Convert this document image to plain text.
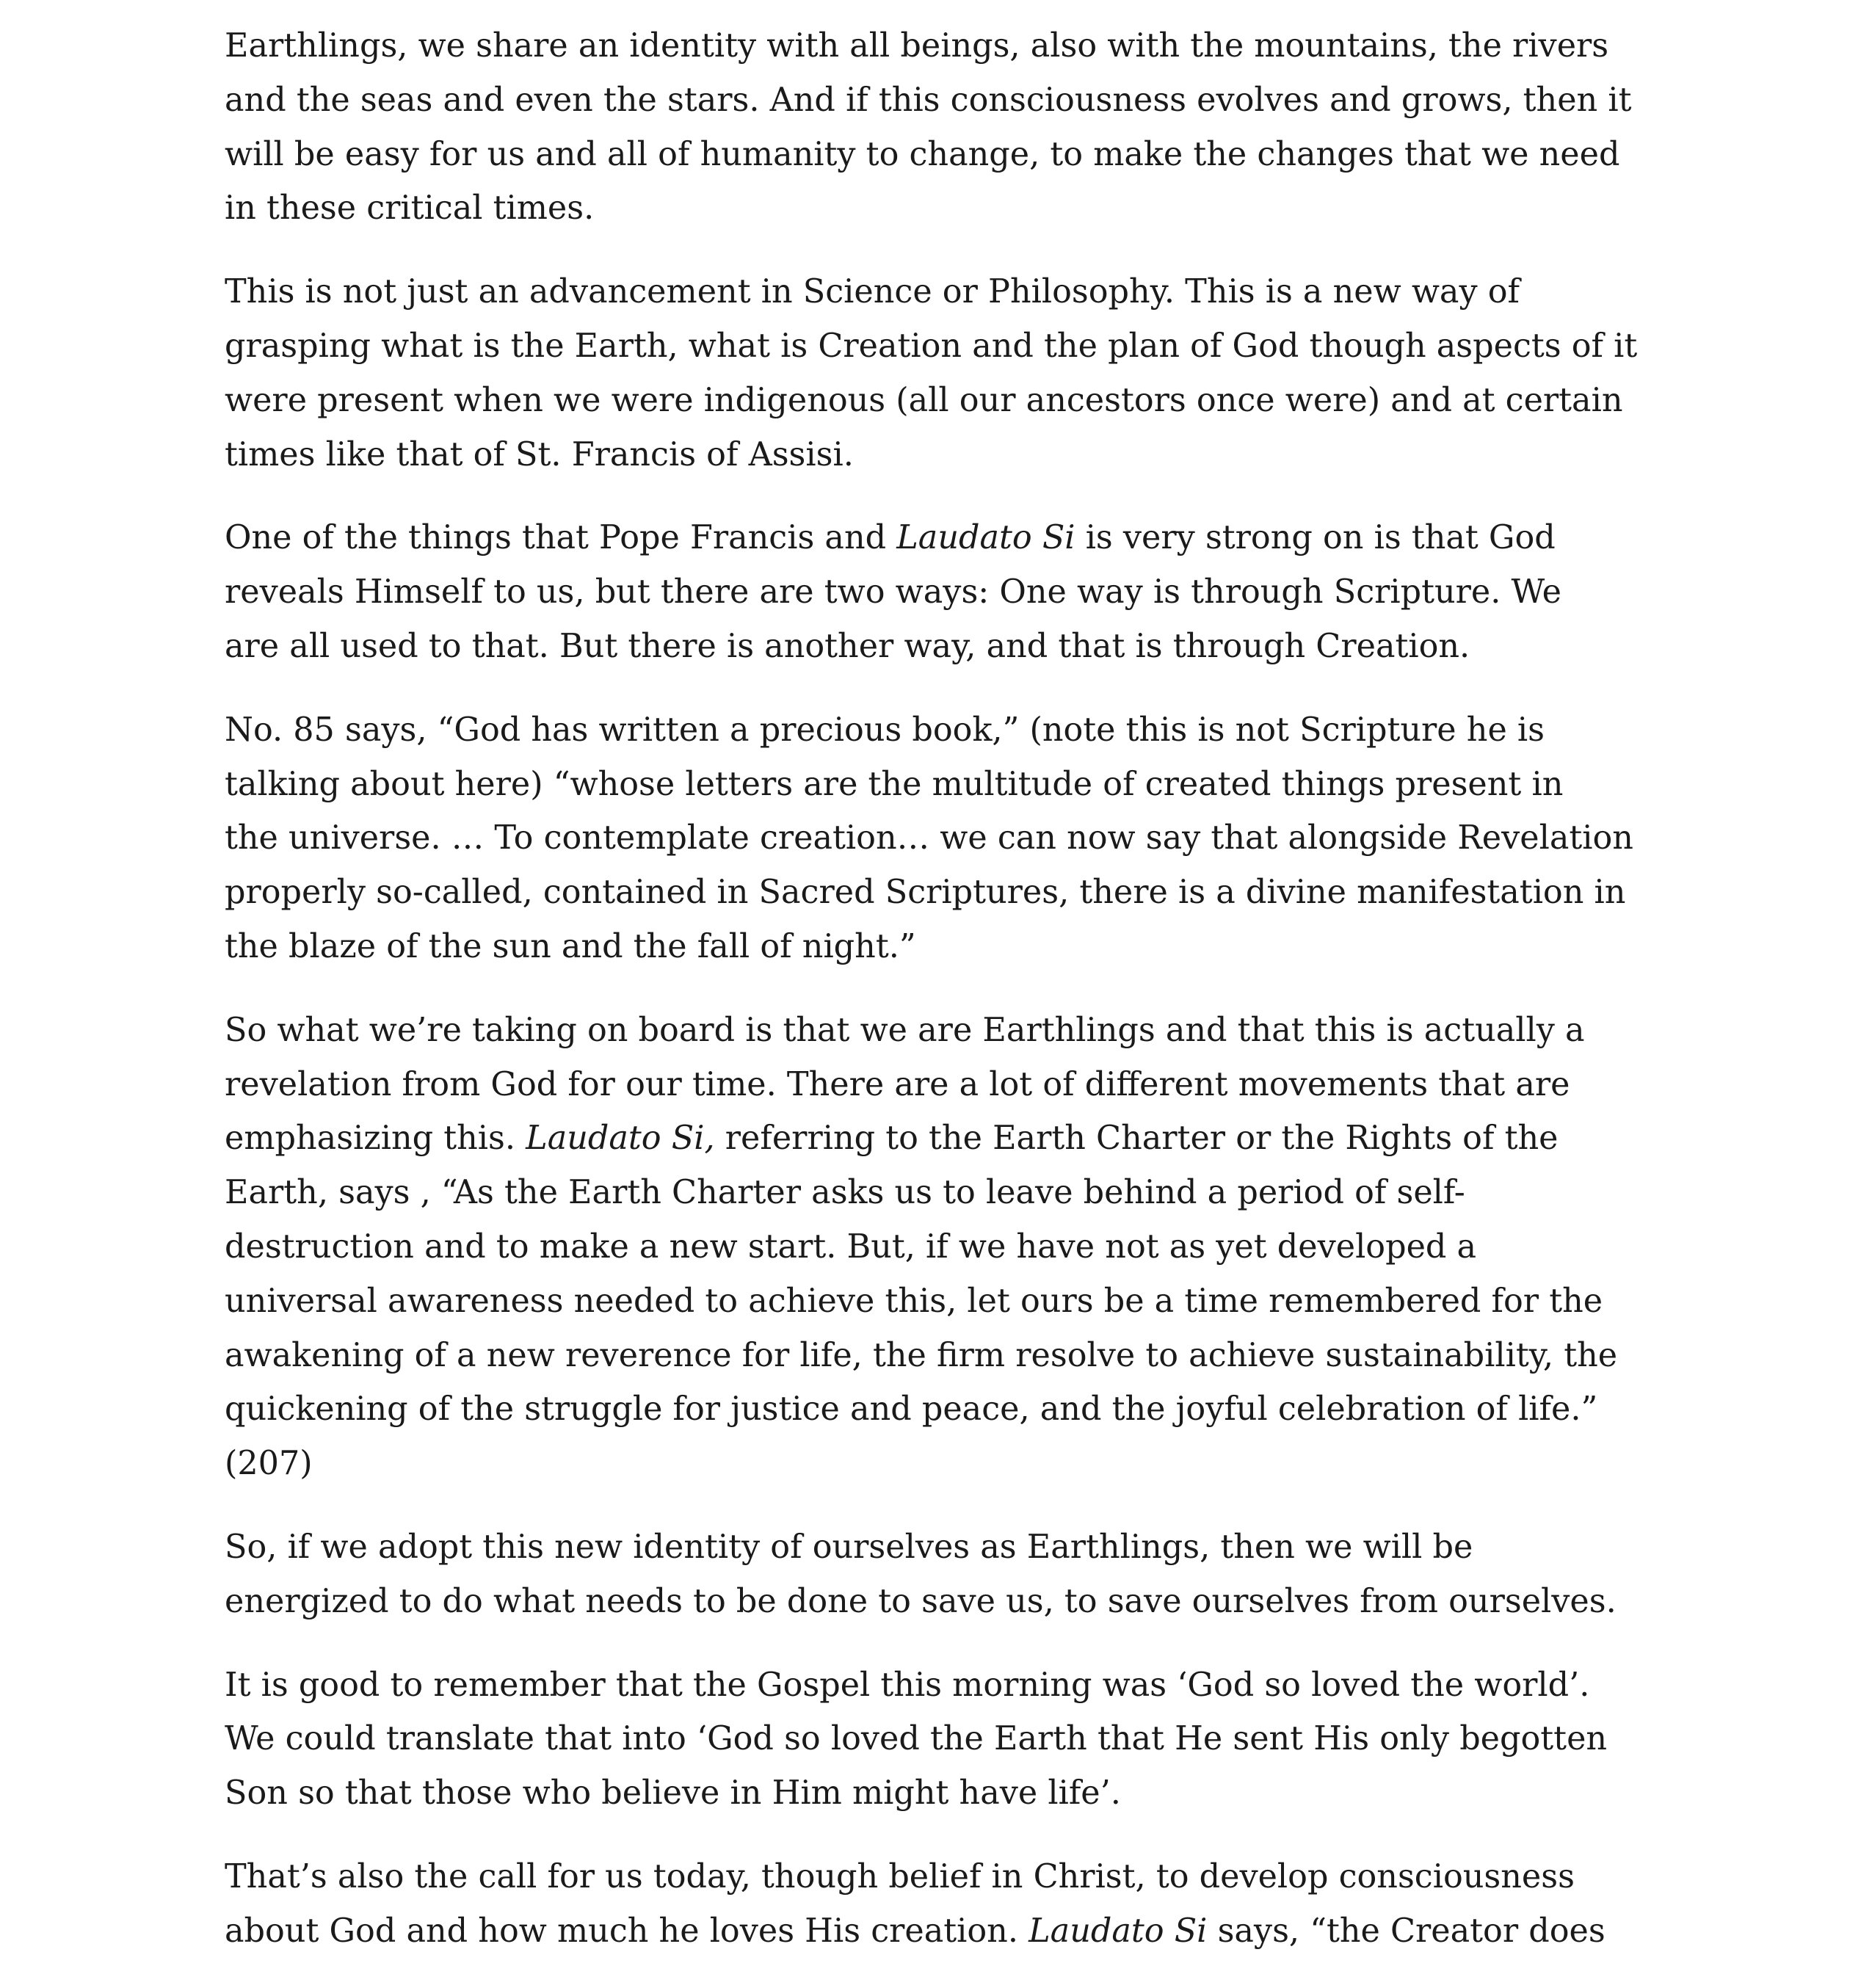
Earthlings, we share an identity with all beings, also with the mountains, the rivers
and the seas and even the stars. And if this consciousness evolves and grows, then it
will be easy for us and all of humanity to change, to make the changes that we need
in these critical times.

This is not just an advancement in Science or Philosophy. This is a new way of
grasping what is the Earth, what is Creation and the plan of God though aspects of it
were present when we were indigenous (all our ancestors once were) and at certain
times like that of St. Francis of Assisi.

One of the things that Pope Francis and Laudato Si is very strong on is that God
reveals Himself to us, but there are two ways: One way is through Scripture. We
are all used to that. But there is another way, and that is through Creation.

No. 85 says, “God has written a precious book,” (note this is not Scripture he is
talking about here) “whose letters are the multitude of created things present in
the universe. … To contemplate creation… we can now say that alongside Revelation
properly so-called, contained in Sacred Scriptures, there is a divine manifestation in
the blaze of the sun and the fall of night.”

So what we’re taking on board is that we are Earthlings and that this is actually a
revelation from God for our time. There are a lot of different movements that are
emphasizing this. Laudato Si, referring to the Earth Charter or the Rights of the
Earth, says , “As the Earth Charter asks us to leave behind a period of self-
destruction and to make a new start. But, if we have not as yet developed a
universal awareness needed to achieve this, let ours be a time remembered for the
awakening of a new reverence for life, the firm resolve to achieve sustainability, the
quickening of the struggle for justice and peace, and the joyful celebration of life.”
(207)

So, if we adopt this new identity of ourselves as Earthlings, then we will be
energized to do what needs to be done to save us, to save ourselves from ourselves.

It is good to remember that the Gospel this morning was ‘God so loved the world’.
We could translate that into ‘God so loved the Earth that He sent His only begotten
Son so that those who believe in Him might have life’.

That’s also the call for us today, though belief in Christ, to develop consciousness
about God and how much he loves His creation. Laudato Si says, “the Creator does
